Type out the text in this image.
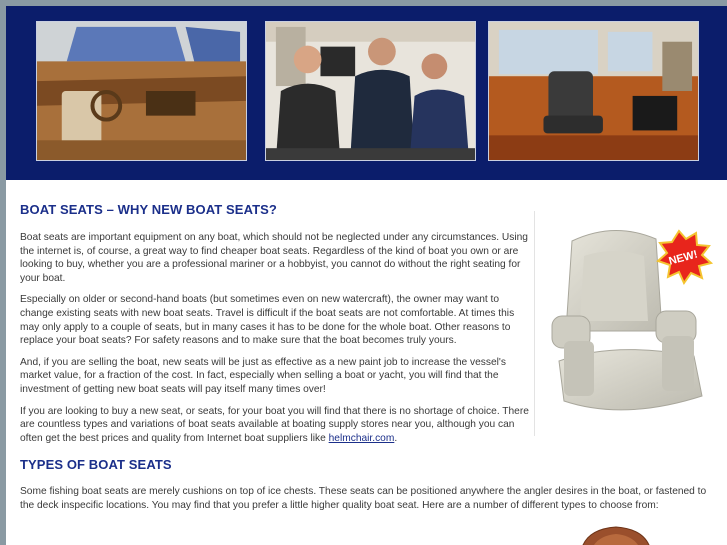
BOAT SEATS – WHY NEW BOAT SEATS?

Boat seats are important equipment on any boat, which should not be neglected under any circumstances. Using the internet is, of course, a great way to find cheaper boat seats. Regardless of the kind of boat you own or are looking to buy, whether you are a professional mariner or a hobbyist, you cannot do without the right seating for your boat.

Especially on older or second-hand boats (but sometimes even on new watercraft), the owner may want to change existing seats with new boat seats. Travel is difficult if the boat seats are not comfortable. At times this may only apply to a couple of seats, but in many cases it has to be done for the whole boat. Other reasons to replace your boat seats? For safety reasons and to make sure that the boat becomes truly yours.

And, if you are selling the boat, new seats will be just as effective as a new paint job to increase the vessel's market value, for a fraction of the cost. In fact, especially when selling a boat or yacht, you will find that the investment of getting new boat seats will pay itself many times over!

If you are looking to buy a new seat, or seats, for your boat you will find that there is no shortage of choice. There are countless types and variations of boat seats available at boating supply stores near you, although you can often get the best prices and quality from Internet boat suppliers like helmchair.com.

TYPES OF BOAT SEATS

Some fishing boat seats are merely cushions on top of ice chests. These seats can be positioned anywhere the angler desires in the boat, or fastened to the deck inspecific locations. You may find that you prefer a little higher quality boat seat. Here are a number of different types to choose from:

NEW!
